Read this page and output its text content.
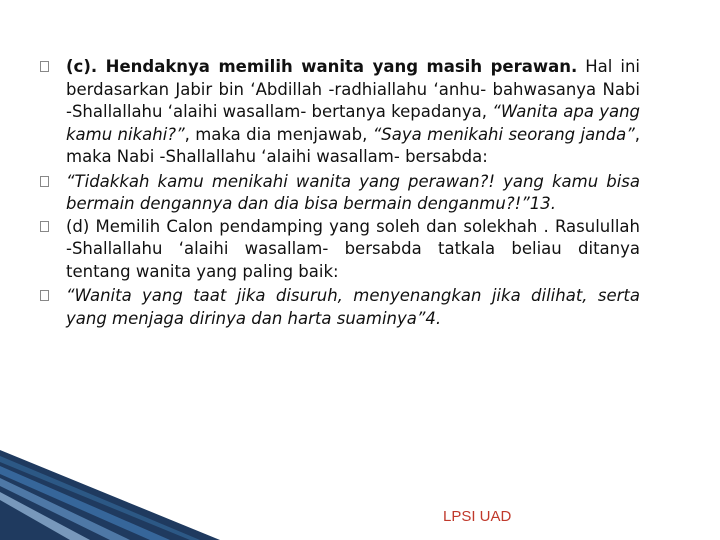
(c). Hendaknya memilih wanita yang masih perawan. Hal ini berdasarkan Jabir bin ‘Abdillah -radhiallahu ‘anhu- bahwasanya Nabi -Shallallahu ‘alaihi wasallam- bertanya kepadanya, “Wanita apa yang kamu nikahi?”, maka dia menjawab, “Saya menikahi seorang janda”, maka Nabi -Shallallahu ‘alaihi wasallam- bersabda:
“Tidakkah kamu menikahi wanita yang perawan?! yang kamu bisa bermain dengannya dan dia bisa bermain denganmu?!”13.
(d) Memilih Calon pendamping yang soleh dan solekhah . Rasulullah -Shallallahu ‘alaihi wasallam- bersabda tatkala beliau ditanya tentang wanita yang paling baik:
“Wanita yang taat jika disuruh, menyenangkan jika dilihat, serta yang menjaga dirinya dan harta suaminya”4.
LPSI UAD
